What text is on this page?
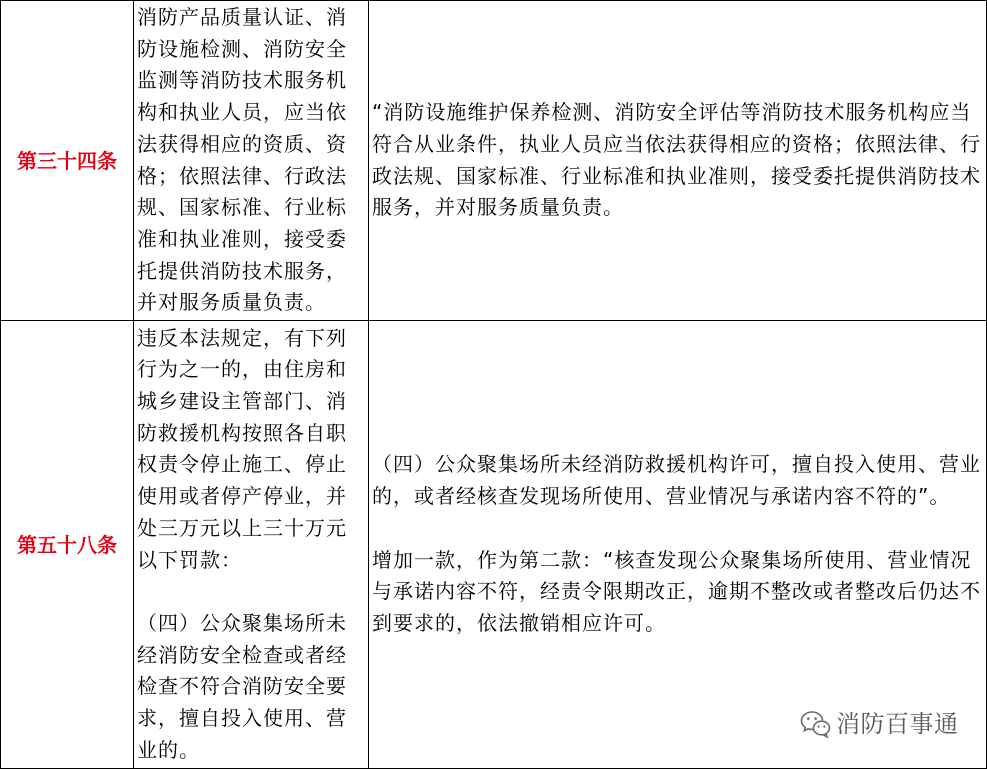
第三十四条
消防产品质量认证、消
防设施检测、消防安全
监测等消防技术服务机
构和执业人员，应当依
法获得相应的资质、资
格；依照法律、行政法
规、国家标准、行业标
准和执业准则，接受委
托提供消防技术服务，
并对服务质量负责。
“消防设施维护保养检测、消防安全评估等消防技术服务机构应当
符合从业条件，执业人员应当依法获得相应的资格；依照法律、行
政法规、国家标准、行业标准和执业准则，接受委托提供消防技术
服务，并对服务质量负责。
第五十八条
违反本法规定，有下列
行为之一的，由住房和
城乡建设主管部门、消
防救援机构按照各自职
权责令停止施工、停止
使用或者停产停业，并
处三万元以上三十万元
以下罚款：
（四）公众聚集场所未
经消防安全检查或者经
检查不符合消防安全要
求，擅自投入使用、营
业的。
（四）公众聚集场所未经消防救援机构许可，擅自投入使用、营业
的，或者经核查发现场所使用、营业情况与承诺内容不符的”。
增加一款，作为第二款：“核查发现公众聚集场所使用、营业情况
与承诺内容不符，经责令限期改正，逾期不整改或者整改后仍达不
到要求的，依法撤销相应许可。
消防百事通
